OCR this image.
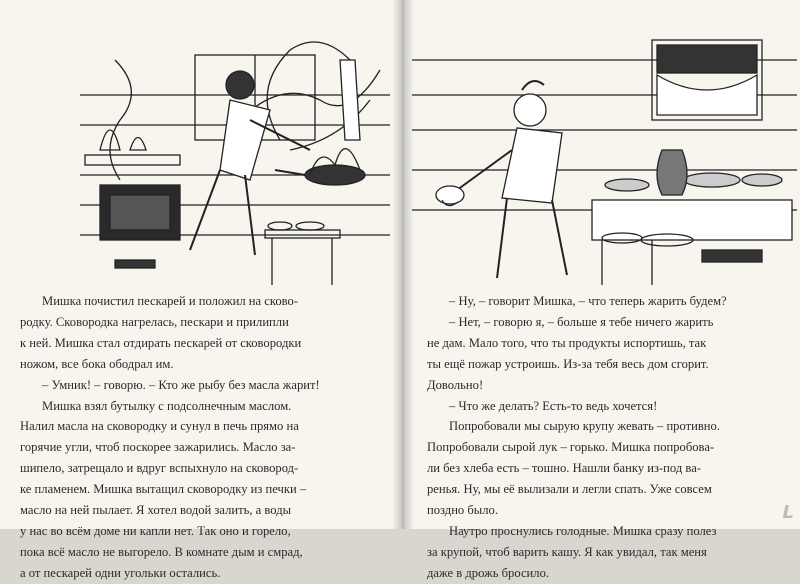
Мишка почистил пескарей и положил на сково-
родку. Сковородка нагрелась, пескари и прилипли
к ней. Мишка стал отдирать пескарей от сковородки
ножом, все бока ободрал им.
– Умник! – говорю. – Кто же рыбу без масла жарит!
Мишка взял бутылку с подсолнечным маслом.
Налил масла на сковородку и сунул в печь прямо на
горячие угли, чтоб поскорее зажарились. Масло за-
шипело, затрещало и вдруг вспыхнуло на сковород-
ке пламенем. Мишка вытащил сковородку из печки –
масло на ней пылает. Я хотел водой залить, а воды
у нас во всём доме ни капли нет. Так оно и горело,
пока всё масло не выгорело. В комнате дым и смрад,
а от пескарей одни угольки остались.
– Ну, – говорит Мишка, – что теперь жарить будем?
– Нет, – говорю я, – больше я тебе ничего жарить
не дам. Мало того, что ты продукты испортишь, так
ты ещё пожар устроишь. Из-за тебя весь дом сгорит.
Довольно!
– Что же делать? Есть-то ведь хочется!
Попробовали мы сырую крупу жевать – противно.
Попробовали сырой лук – горько. Мишка попробова-
ли без хлеба есть – тошно. Нашли банку из-под ва-
ренья. Ну, мы её вылизали и легли спать. Уже совсем
поздно было.
Наутро проснулись голодные. Мишка сразу полез
за крупой, чтоб варить кашу. Я как увидал, так меня
даже в дрожь бросило.
L
